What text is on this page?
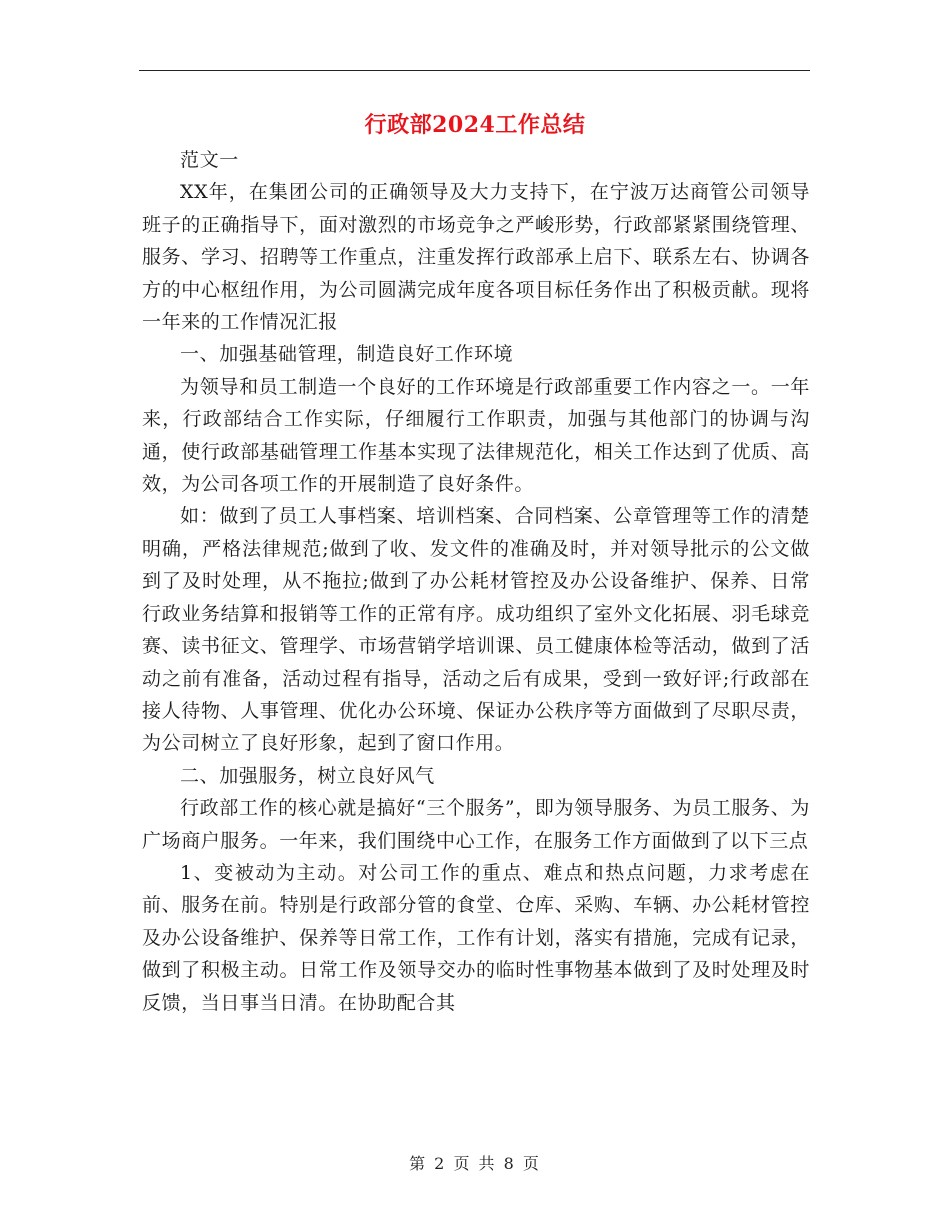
行政部2024工作总结

范文一

XX年，在集团公司的正确领导及大力支持下，在宁波万达商管公司领导班子的正确指导下，面对激烈的市场竞争之严峻形势，行政部紧紧围绕管理、服务、学习、招聘等工作重点，注重发挥行政部承上启下、联系左右、协调各方的中心枢纽作用，为公司圆满完成年度各项目标任务作出了积极贡献。现将一年来的工作情况汇报

一、加强基础管理，制造良好工作环境

为领导和员工制造一个良好的工作环境是行政部重要工作内容之一。一年来，行政部结合工作实际，仔细履行工作职责，加强与其他部门的协调与沟通，使行政部基础管理工作基本实现了法律规范化，相关工作达到了优质、高效，为公司各项工作的开展制造了良好条件。

如：做到了员工人事档案、培训档案、合同档案、公章管理等工作的清楚明确，严格法律规范;做到了收、发文件的准确及时，并对领导批示的公文做到了及时处理，从不拖拉;做到了办公耗材管控及办公设备维护、保养、日常行政业务结算和报销等工作的正常有序。成功组织了室外文化拓展、羽毛球竞赛、读书征文、管理学、市场营销学培训课、员工健康体检等活动，做到了活动之前有准备，活动过程有指导，活动之后有成果，受到一致好评;行政部在接人待物、人事管理、优化办公环境、保证办公秩序等方面做到了尽职尽责，为公司树立了良好形象，起到了窗口作用。

二、加强服务，树立良好风气

行政部工作的核心就是搞好“三个服务”，即为领导服务、为员工服务、为广场商户服务。一年来，我们围绕中心工作，在服务工作方面做到了以下三点

1、变被动为主动。对公司工作的重点、难点和热点问题，力求考虑在前、服务在前。特别是行政部分管的食堂、仓库、采购、车辆、办公耗材管控及办公设备维护、保养等日常工作，工作有计划，落实有措施，完成有记录，做到了积极主动。日常工作及领导交办的临时性事物基本做到了及时处理及时反馈，当日事当日清。在协助配合其

第 2 页 共 8 页
